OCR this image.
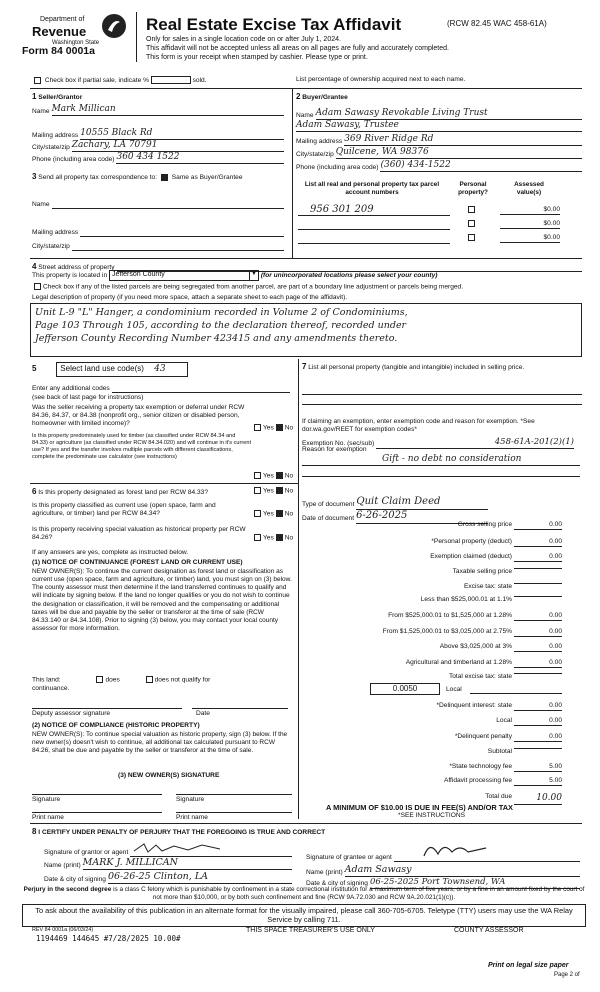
Department of
Revenue
Washington State
Form 84 0001a
Real Estate Excise Tax Affidavit	(RCW 82.45 WAC 458-61A)
Only for sales in a single location code on or after July 1, 2024.
This affidavit will not be accepted unless all areas on all pages are fully and accurately completed.
This form is your receipt when stamped by cashier. Please type or print.
Check box if partial sale, indicate %	sold.	List percentage of ownership acquired next to each name.
1 Seller/Grantor
Name Mark Millican
Mailing address 10555 Black Rd
City/state/zip Zachary, LA 70791
Phone (including area code) 360 434 1522
2 Buyer/Grantee
Name Adam Sawasy Revokable Living Trust
Adam Sawasy, Trustee
Mailing address 369 River Ridge Rd
City/state/zip Quilcene, WA 98376
Phone (including area code) (360) 434-1522
3 Send all property tax correspondence to: Same as Buyer/Grantee
Name
Mailing address
City/state/zip
List all real and personal property tax parcel account numbers
Personal property?
Assessed value(s)
956 301 209	$0.00
$0.00
$0.00
4
Street address of property
This property is located in Jefferson County	▼ (for unincorporated locations please select your county)
Check box if any of the listed parcels are being segregated from another parcel, are part of a boundary line adjustment or parcels being merged.
Legal description of property (if you need more space, attach a separate sheet to each page of the affidavit).
Unit L-9 "L" Hanger, a condominium recorded in Volume 2 of Condominiums,
Page 103 Through 105, according to the declaration thereof, recorded under
Jefferson County Recording Number 423415 and any amendments thereto.
5	Select land use code(s) 43
Enter any additional codes
(see back of last page for instructions)
Was the seller receiving a property tax exemption or deferral under RCW 84.36, 84.37, or 84.38 (nonprofit org., senior citizen or disabled person, homeowner with limited income)?
Yes No
Is this property predominately used for timber (as classified under RCW 84.34 and 84.33) or agriculture (as classified under RCW 84.34.020) and will continue in it's current use? If yes and the transfer involves multiple parcels with different classifications, complete the predominate use calculator (see instructions)
Yes No
6 Is this property designated as forest land per RCW 84.33?	Yes No
Is this property classified as current use (open space, farm and agriculture, or timber) land per RCW 84.34?	Yes No
Is this property receiving special valuation as historical property per RCW 84.26?	Yes No
If any answers are yes, complete as instructed below.
(1) NOTICE OF CONTINUANCE (FOREST LAND OR CURRENT USE)
NEW OWNER(S): To continue the current designation as forest land or classification as current use (open space, farm and agriculture, or timber) land, you must sign on (3) below. The county assessor must then determine if the land transferred continues to qualify and will indicate by signing below. If the land no longer qualifies or you do not wish to continue the designation or classification, it will be removed and the compensating or additional taxes will be due and payable by the seller or transferor at the time of sale (RCW 84.33.140 or 84.34.108). Prior to signing (3) below, you may contact your local county assessor for more information.
This land:	does	does not qualify for
continuance.
Deputy assessor signature	Date
(2) NOTICE OF COMPLIANCE (HISTORIC PROPERTY)
NEW OWNER(S): To continue special valuation as historic property, sign (3) below. If the new owner(s) doesn't wish to continue, all additional tax calculated pursuant to RCW 84.26, shall be due and payable by the seller or transferor at the time of sale.
(3) NEW OWNER(S) SIGNATURE
Signature	Signature
Print name	Print name
7 List all personal property (tangible and intangible) included in selling price.
If claiming an exemption, enter exemption code and reason for exemption. *See dor.wa.gov/REET for exemption codes*
Exemption No. (sec/sub)	458-61A-201(2)(1)
Reason for exemption
Gift - no debt no consideration
Type of document Quit Claim Deed
Date of document 6-26-2025
Gross selling price	0.00
*Personal property (deduct)	0.00
Exemption claimed (deduct)	0.00
Taxable selling price
Excise tax: state
Less than $525,000.01 at 1.1%
From $525,000.01 to $1,525,000 at 1.28%	0.00
From $1,525,000.01 to $3,025,000 at 2.75%	0.00
Above $3,025,000 at 3%	0.00
Agricultural and timberland at 1.28%	0.00
Total excise tax: state
*Delinquent interest: state	0.00
Local	0.00
*Delinquent penalty	0.00
Subtotal
*State technology fee	5.00
Affidavit processing fee	5.00
Total due	10.00
0.0050	Local
A MINIMUM OF $10.00 IS DUE IN FEE(S) AND/OR TAX
*SEE INSTRUCTIONS
8 I CERTIFY UNDER PENALTY OF PERJURY THAT THE FOREGOING IS TRUE AND CORRECT
Signature of grantor or agent
Name (print) MARK J. MILLICAN
Date & city of signing 06-26-25 Clinton, LA
Signature of grantee or agent
Name (print) Adam Sawasy
Date & city of signing 06-25-2025 Port Townsend, WA
Perjury in the second degree is a class C felony which is punishable by confinement in a state correctional institution for a maximum term of five years, or by a fine in an amount fixed by the court of not more than $10,000, or by both such confinement and fine (RCW 9A.72.030 and RCW 9A.20.021(1)(c)).
To ask about the availability of this publication in an alternate format for the visually impaired, please call 360-705-6705. Teletype (TTY) users may use the WA Relay Service by calling 711.
REV 84 0001a (06/03/24)
1194469 144645 #7/28/2025 10.00#
THIS SPACE TREASURER'S USE ONLY	COUNTY ASSESSOR
Print on legal size paper
Page 2 of
